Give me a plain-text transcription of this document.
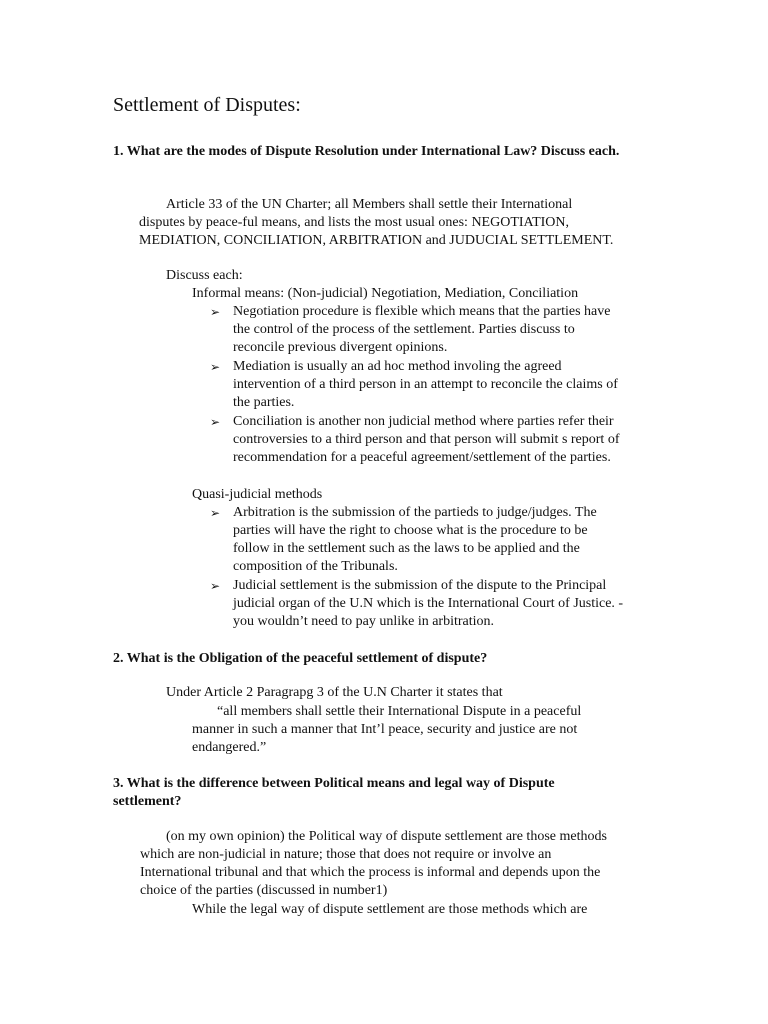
Settlement of Disputes:

1. What are the modes of Dispute Resolution under International Law? Discuss each.

Article 33 of the UN Charter; all Members shall settle their International
disputes by peace-ful means, and lists the most usual ones: NEGOTIATION,
MEDIATION, CONCILIATION, ARBITRATION and JUDUCIAL SETTLEMENT.

Discuss each:

Informal means: (Non-judicial) Negotiation, Mediation, Conciliation

➢ Negotiation procedure is flexible which means that the parties have
the control of the process of the settlement. Parties discuss to
reconcile previous divergent opinions.
➢ Mediation is usually an ad hoc method involing the agreed
intervention of a third person in an attempt to reconcile the claims of
the parties.
➢ Conciliation is another non judicial method where parties refer their
controversies to a third person and that person will submit s report of
recommendation for a peaceful agreement/settlement of the parties.

Quasi-judicial methods

➢ Arbitration is the submission of the partieds to judge/judges. The
parties will have the right to choose what is the procedure to be
follow in the settlement such as the laws to be applied and the
composition of the Tribunals.
➢ Judicial settlement is the submission of the dispute to the Principal
judicial organ of the U.N which is the International Court of Justice. -
you wouldn’t need to pay unlike in arbitration.

2. What is the Obligation of the peaceful settlement of dispute?

Under Article 2 Paragrapg 3 of the U.N Charter it states that

“all members shall settle their International Dispute in a peaceful
manner in such a manner that Int’l peace, security and justice are not
endangered.”

3. What is the difference between Political means and legal way of Dispute
settlement?

(on my own opinion) the Political way of dispute settlement are those methods
which are non-judicial in nature; those that does not require or involve an
International tribunal and that which the process is informal and depends upon the
choice of the parties (discussed in number1)

While the legal way of dispute settlement are those methods which are
